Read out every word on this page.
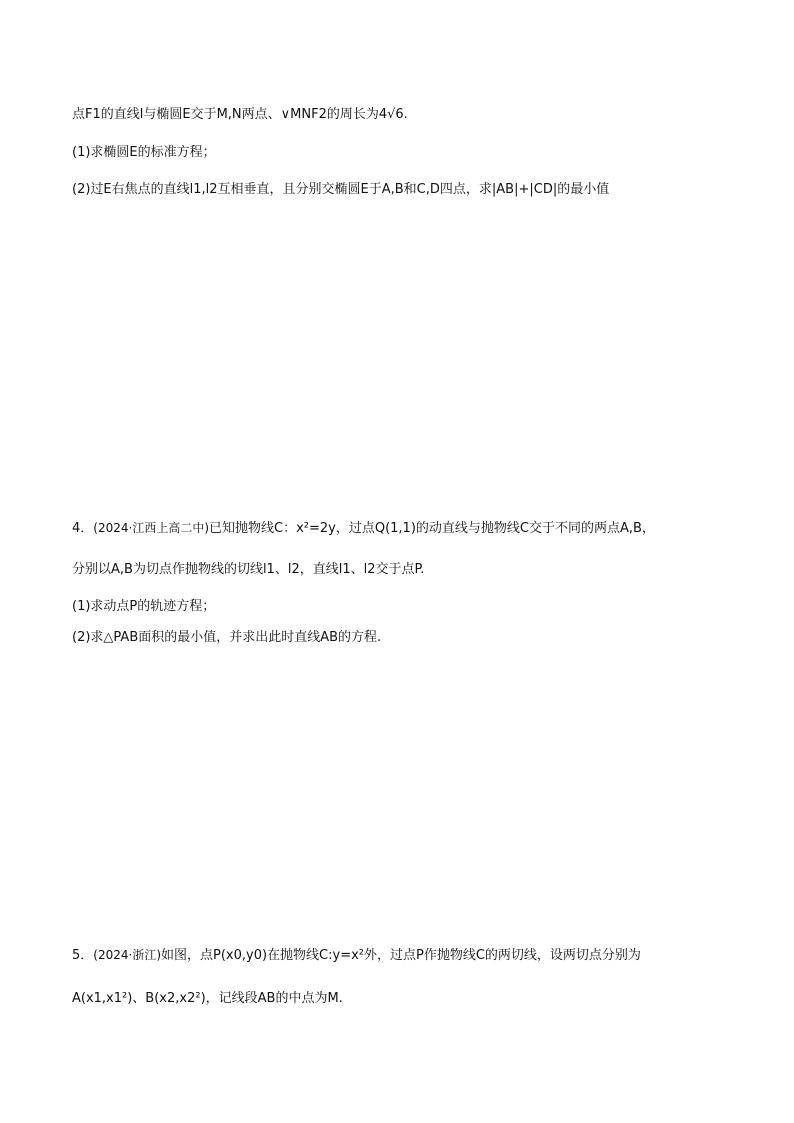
点F1的直线l与椭圆E交于M,N两点、∨MNF2的周长为4√6.
(1)求椭圆E的标准方程；
(2)过E右焦点的直线l1,l2互相垂直，且分别交椭圆E于A,B和C,D四点，求|AB|+|CD|的最小值
4．(2024·江西上高二中)已知抛物线C：x²=2y，过点Q(1,1)的动直线与抛物线C交于不同的两点A,B，
分别以A,B为切点作抛物线的切线l1、l2，直线l1、l2交于点P.
(1)求动点P的轨迹方程；
(2)求△PAB面积的最小值，并求出此时直线AB的方程.
5．(2024·浙江)如图，点P(x0,y0)在抛物线C:y=x²外，过点P作抛物线C的两切线，设两切点分别为
A(x1,x1²)、B(x2,x2²)，记线段AB的中点为M.
